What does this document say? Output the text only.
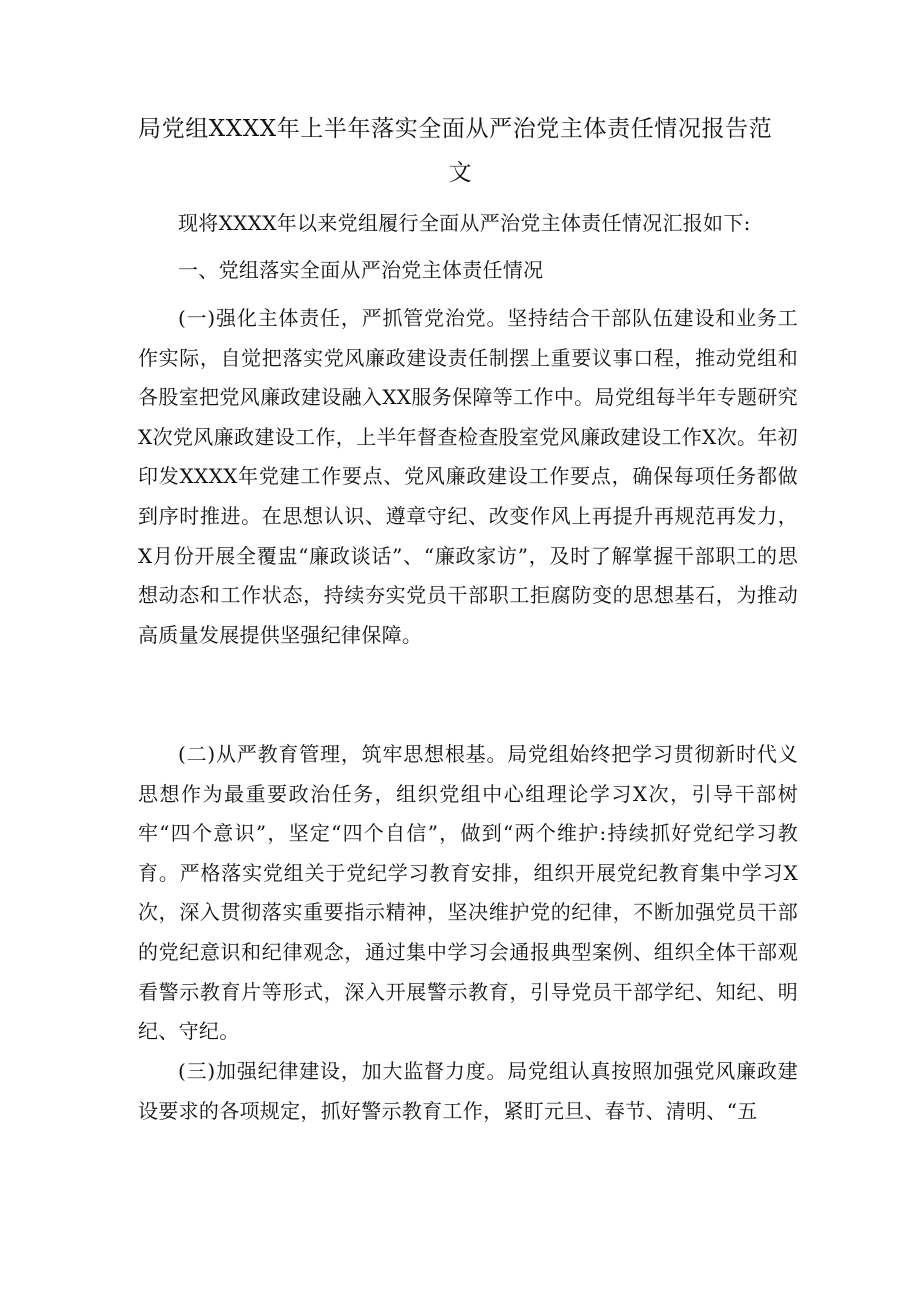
局党组XXXX年上半年落实全面从严治党主体责任情况报告范

文

现将XXXX年以来党组履行全面从严治党主体责任情况汇报如下:

一、党组落实全面从严治党主体责任情况

(一)强化主体责任，严抓管党治党。坚持结合干部队伍建设和业务工作实际，自觉把落实党风廉政建设责任制摆上重要议事口程，推动党组和各股室把党风廉政建设融入XX服务保障等工作中。局党组每半年专题研究X次党风廉政建设工作，上半年督查检查股室党风廉政建设工作X次。年初印发XXXX年党建工作要点、党风廉政建设工作要点，确保每项任务都做到序时推进。在思想认识、遵章守纪、改变作风上再提升再规范再发力，X月份开展全覆盅“廉政谈话”、“廉政家访”，及时了解掌握干部职工的思想动态和工作状态，持续夯实党员干部职工拒腐防变的思想基石，为推动高质量发展提供坚强纪律保障。

(二)从严教育管理，筑牢思想根基。局党组始终把学习贯彻新时代义思想作为最重要政治任务，组织党组中心组理论学习X次，引导干部树牢“四个意识”，坚定“四个自信”，做到“两个维护:持续抓好党纪学习教育。严格落实党组关于党纪学习教育安排，组织开展党纪教育集中学习X次，深入贯彻落实重要指示精神，坚决维护党的纪律，不断加强党员干部的党纪意识和纪律观念，通过集中学习会通报典型案例、组织全体干部观看警示教育片等形式，深入开展警示教育，引导党员干部学纪、知纪、明纪、守纪。

(三)加强纪律建设，加大监督力度。局党组认真按照加强党风廉政建设要求的各项规定，抓好警示教育工作，紧盯元旦、春节、清明、“五
